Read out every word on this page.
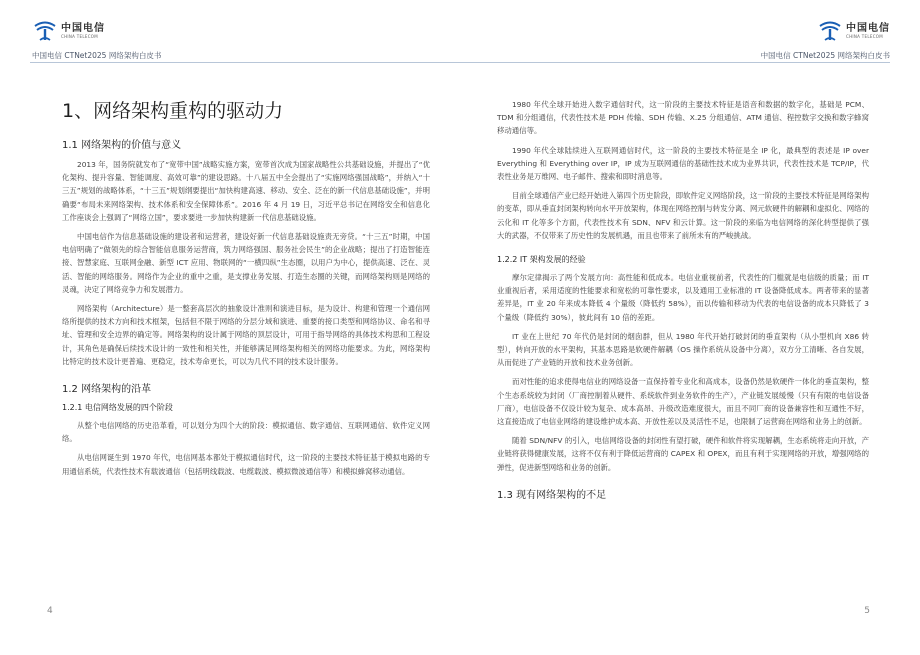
中国电信
CHINA TELECOM
中国电信 CTNet2025 网络架构白皮书
1、网络架构重构的驱动力
1.1 网络架构的价值与意义

2013 年，国务院就发布了“宽带中国”战略实施方案，宽带首次成为国家战略性公共基础设施，并提出了“优化架构、提升容量、智能调度、高效可靠”的建设思路。十八届五中全会提出了“实施网络强国战略”，并纳入“十三五”规划的战略体系，“十三五”规划纲要提出“加快构建高速、移动、安全、泛在的新一代信息基础设施”，并明确要“布局未来网络架构、技术体系和安全保障体系”。2016 年 4 月 19 日，习近平总书记在网络安全和信息化工作座谈会上强调了“网络立国”，要求要进一步加快构建新一代信息基础设施。

中国电信作为信息基础设施的建设者和运营者，建设好新一代信息基础设施责无旁贷。“十三五”时期，中国电信明确了“做领先的综合智能信息服务运营商，筑力网络强国、服务社会民生”的企业战略；提出了打造智能连接、智慧家庭、互联网金融、新型 ICT 应用、物联网的“一横四纵”生态圈，以用户为中心，提供高速、泛在、灵活、智能的网络服务。网络作为企业的重中之重，是支撑业务发展、打造生态圈的关键，而网络架构则是网络的灵魂，决定了网络竞争力和发展潜力。

网络架构（Architecture）是一整套高层次的抽象设计准则和演进目标，是为设计、构建和管理一个通信网络所提供的技术方向和技术框架，包括但不限于网络的分层分域和演进、重要的接口类型和网络协议、命名和寻址、管理和安全边界的确定等。网络架构的设计属于网络的顶层设计，可用于指导网络的具体技术构思和工程设计，其角色是确保后续技术设计的一致性和相关性，并能够满足网络架构相关的网络功能要求。为此，网络架构比特定的技术设计更普遍、更稳定，技术寿命更长，可以为几代不同的技术设计服务。

1.2 网络架构的沿革
1.2.1 电信网络发展的四个阶段

从整个电信网络的历史沿革看，可以划分为四个大的阶段：模拟通信、数字通信、互联网通信、软件定义网络。

从电信网诞生到 1970 年代，电信网基本都处于模拟通信时代，这一阶段的主要技术特征基于模拟电路的专用通信系统，代表性技术有载波通信（包括明线载波、电缆载波、模拟微波通信等）和模拟蜂窝移动通信。

4
中国电信
CHINA TELECOM
中国电信 CTNet2025 网络架构白皮书

1980 年代全球开始进入数字通信时代，这一阶段的主要技术特征是语音和数据的数字化，基础是 PCM、TDM 和分组通信，代表性技术是 PDH 传输、SDH 传输、X.25 分组通信、ATM 通信、程控数字交换和数字蜂窝移动通信等。

1990 年代全球陆续进入互联网通信时代，这一阶段的主要技术特征是全 IP 化，最典型的表述是 IP over Everything 和 Everything over IP，IP 成为互联网通信的基础性技术成为业界共识，代表性技术是 TCP/IP，代表性业务是万维网、电子邮件、搜索和即时消息等。

目前全球通信产业已经开始进入第四个历史阶段，即软件定义网络阶段，这一阶段的主要技术特征是网络架构的变革，即从垂直封闭架构转向水平开放架构，体现在网络控制与转发分离、网元软硬件的解耦和虚拟化、网络的云化和 IT 化等多个方面，代表性技术有 SDN、NFV 和云计算。这一阶段的来临为电信网络的深化转型提供了强大的武器，不仅带来了历史性的发展机遇，而且也带来了前所未有的严峻挑战。

1.2.2 IT 架构发展的经验

摩尔定律揭示了两个发展方向：高性能和低成本。电信业重视前者，代表性的门槛就是电信级的质量；而 IT 业重视后者，采用适度的性能要求和宽松的可靠性要求，以及通用工业标准的 IT 设备降低成本。两者带来的显著差异是，IT 业 20 年来成本降低 4 个量级（降低约 58%），而以传输和移动为代表的电信设备的成本只降低了 3 个量级（降低约 30%），彼此间有 10 倍的差距。

IT 业在上世纪 70 年代仍是封闭的烟囱群，但从 1980 年代开始打破封闭的垂直架构（从小型机向 X86 转型），转向开放的水平架构，其基本思路是软硬件解耦（OS 操作系统从设备中分离），双方分工清晰、各自发展，从而促进了产业链的开放和技术业务创新。

而对性能的追求使得电信业的网络设备一直保持着专业化和高成本，设备仍然是软硬件一体化的垂直架构，整个生态系统较为封闭（厂商控制着从硬件、系统软件到业务软件的生产），产业链发展缓慢（只有有限的电信设备厂商），电信设备不仅设计较为复杂、成本高昂、升级改造难度很大，而且不同厂商的设备兼容性和互通性不好，这直接造成了电信业网络的建设维护成本高、开放性差以及灵活性不足，也限制了运营商在网络和业务上的创新。

随着 SDN/NFV 的引入，电信网络设备的封闭性有望打破，硬件和软件将实现解耦，生态系统将走向开放，产业链将获得健康发展，这将不仅有利于降低运营商的 CAPEX 和 OPEX，而且有利于实现网络的开放，增强网络的弹性，促进新型网络和业务的创新。

1.3 现有网络架构的不足
5
